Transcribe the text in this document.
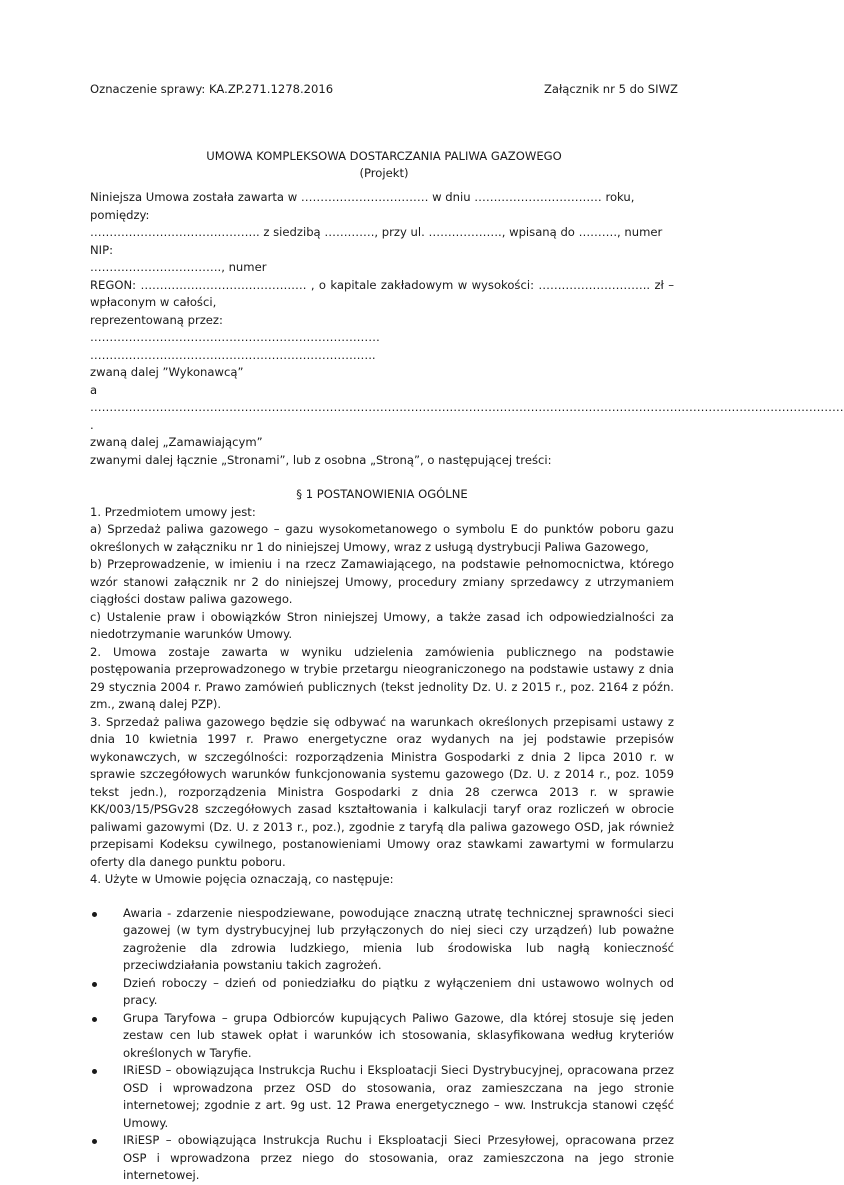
Oznaczenie sprawy: KA.ZP.271.1278.2016	Załącznik nr 5 do SIWZ
UMOWA KOMPLEKSOWA DOSTARCZANIA PALIWA GAZOWEGO
(Projekt)
Niniejsza Umowa została zawarta w …………………………… w dniu …………………………… roku, pomiędzy:
…………………………………….. z siedzibą …………., przy ul. ………………., wpisaną do ………., numer NIP:
……………………………., numer
REGON: ……………………………………. , o kapitale zakładowym w wysokości: ……………………….. zł –
wpłaconym w całości,
reprezentowaną przez:
…………………………………………………………………
………………………………………………………………..
zwaną dalej ”Wykonawcą”
a
……………………………………………………………………………………………………………………………………………………………………………
.
zwaną dalej „Zamawiającym”
zwanymi dalej łącznie „Stronami”, lub z osobna „Stroną”, o następującej treści:
§ 1 POSTANOWIENIA OGÓLNE
1. Przedmiotem umowy jest:
a) Sprzedaż paliwa gazowego – gazu wysokometanowego o symbolu E do punktów poboru gazu określonych w załączniku nr 1 do niniejszej Umowy, wraz z usługą dystrybucji Paliwa Gazowego,
b) Przeprowadzenie, w imieniu i na rzecz Zamawiającego, na podstawie pełnomocnictwa, którego wzór stanowi załącznik nr 2 do niniejszej Umowy, procedury zmiany sprzedawcy z utrzymaniem ciągłości dostaw paliwa gazowego.
c) Ustalenie praw i obowiązków Stron niniejszej Umowy, a także zasad ich odpowiedzialności za niedotrzymanie warunków Umowy.
2. Umowa zostaje zawarta w wyniku udzielenia zamówienia publicznego na podstawie postępowania przeprowadzonego w trybie przetargu nieograniczonego na podstawie ustawy z dnia 29 stycznia 2004 r. Prawo zamówień publicznych (tekst jednolity Dz. U. z 2015 r., poz. 2164 z późn. zm., zwaną dalej PZP).
3. Sprzedaż paliwa gazowego będzie się odbywać na warunkach określonych przepisami ustawy z dnia 10 kwietnia 1997 r. Prawo energetyczne oraz wydanych na jej podstawie przepisów wykonawczych, w szczególności: rozporządzenia Ministra Gospodarki z dnia 2 lipca 2010 r. w sprawie szczegółowych warunków funkcjonowania systemu gazowego (Dz. U. z 2014 r., poz. 1059 tekst jedn.), rozporządzenia Ministra Gospodarki z dnia 28 czerwca 2013 r. w sprawie KK/003/15/PSGv28 szczegółowych zasad kształtowania i kalkulacji taryf oraz rozliczeń w obrocie paliwami gazowymi (Dz. U. z 2013 r., poz.), zgodnie z taryfą dla paliwa gazowego OSD, jak również przepisami Kodeksu cywilnego, postanowieniami Umowy oraz stawkami zawartymi w formularzu oferty dla danego punktu poboru.
4. Użyte w Umowie pojęcia oznaczają, co następuje:
Awaria - zdarzenie niespodziewane, powodujące znaczną utratę technicznej sprawności sieci gazowej (w tym dystrybucyjnej lub przyłączonych do niej sieci czy urządzeń) lub poważne zagrożenie dla zdrowia ludzkiego, mienia lub środowiska lub nagłą konieczność przeciwdziałania powstaniu takich zagrożeń.
Dzień roboczy – dzień od poniedziałku do piątku z wyłączeniem dni ustawowo wolnych od pracy.
Grupa Taryfowa – grupa Odbiorców kupujących Paliwo Gazowe, dla której stosuje się jeden zestaw cen lub stawek opłat i warunków ich stosowania, sklasyfikowana według kryteriów określonych w Taryfie.
IRiESD – obowiązująca Instrukcja Ruchu i Eksploatacji Sieci Dystrybucyjnej, opracowana przez OSD i wprowadzona przez OSD do stosowania, oraz zamieszczana na jego stronie internetowej; zgodnie z art. 9g ust. 12 Prawa energetycznego – ww. Instrukcja stanowi część Umowy.
IRiESP – obowiązująca Instrukcja Ruchu i Eksploatacji Sieci Przesyłowej, opracowana przez OSP i wprowadzona przez niego do stosowania, oraz zamieszczona na jego stronie internetowej.
